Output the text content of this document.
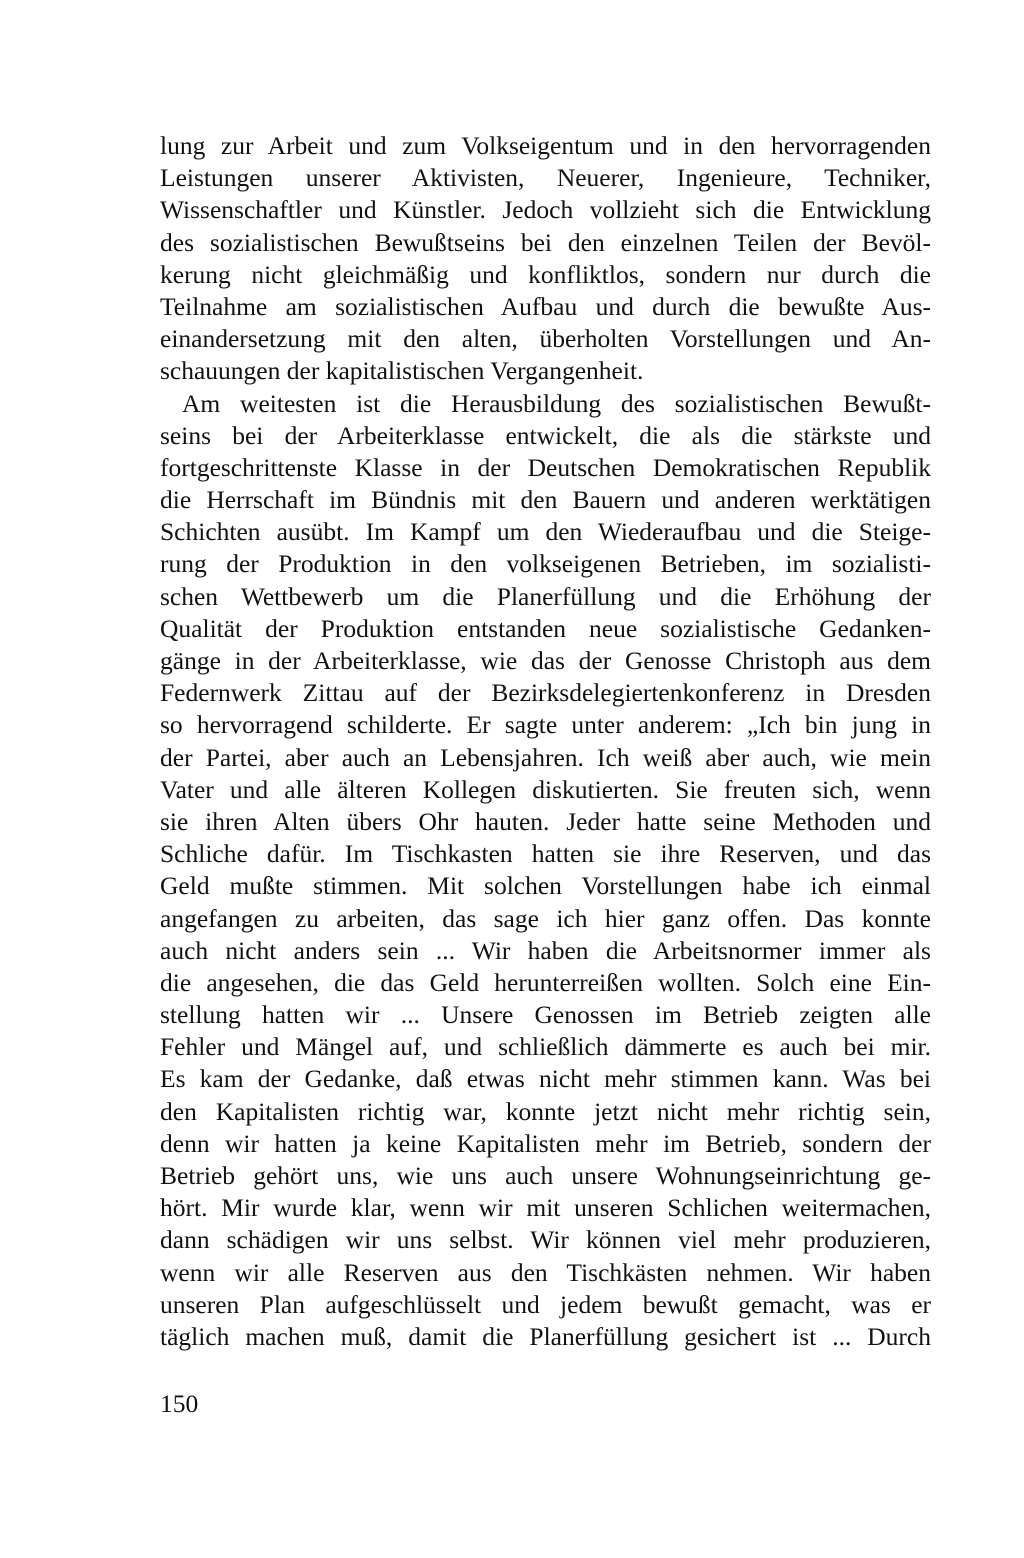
lung zur Arbeit und zum Volkseigentum und in den hervorragenden
Leistungen unserer Aktivisten, Neuerer, Ingenieure, Techniker,
Wissenschaftler und Künstler. Jedoch vollzieht sich die Entwicklung
des sozialistischen Bewußtseins bei den einzelnen Teilen der Bevöl-
kerung nicht gleichmäßig und konfliktlos, sondern nur durch die
Teilnahme am sozialistischen Aufbau und durch die bewußte Aus-
einandersetzung mit den alten, überholten Vorstellungen und An-
schauungen der kapitalistischen Vergangenheit.
Am weitesten ist die Herausbildung des sozialistischen Bewußt-
seins bei der Arbeiterklasse entwickelt, die als die stärkste und
fortgeschrittenste Klasse in der Deutschen Demokratischen Republik
die Herrschaft im Bündnis mit den Bauern und anderen werktätigen
Schichten ausübt. Im Kampf um den Wiederaufbau und die Steige-
rung der Produktion in den volkseigenen Betrieben, im sozialisti-
schen Wettbewerb um die Planerfüllung und die Erhöhung der
Qualität der Produktion entstanden neue sozialistische Gedanken-
gänge in der Arbeiterklasse, wie das der Genosse Christoph aus dem
Federnwerk Zittau auf der Bezirksdelegiertenkonferenz in Dresden
so hervorragend schilderte. Er sagte unter anderem: „Ich bin jung in
der Partei, aber auch an Lebensjahren. Ich weiß aber auch, wie mein
Vater und alle älteren Kollegen diskutierten. Sie freuten sich, wenn
sie ihren Alten übers Ohr hauten. Jeder hatte seine Methoden und
Schliche dafür. Im Tischkasten hatten sie ihre Reserven, und das
Geld mußte stimmen. Mit solchen Vorstellungen habe ich einmal
angefangen zu arbeiten, das sage ich hier ganz offen. Das konnte
auch nicht anders sein ... Wir haben die Arbeitsnormer immer als
die angesehen, die das Geld herunterreißen wollten. Solch eine Ein-
stellung hatten wir ... Unsere Genossen im Betrieb zeigten alle
Fehler und Mängel auf, und schließlich dämmerte es auch bei mir.
Es kam der Gedanke, daß etwas nicht mehr stimmen kann. Was bei
den Kapitalisten richtig war, konnte jetzt nicht mehr richtig sein,
denn wir hatten ja keine Kapitalisten mehr im Betrieb, sondern der
Betrieb gehört uns, wie uns auch unsere Wohnungseinrichtung ge-
hört. Mir wurde klar, wenn wir mit unseren Schlichen weitermachen,
dann schädigen wir uns selbst. Wir können viel mehr produzieren,
wenn wir alle Reserven aus den Tischkästen nehmen. Wir haben
unseren Plan aufgeschlüsselt und jedem bewußt gemacht, was er
täglich machen muß, damit die Planerfüllung gesichert ist ... Durch
150
